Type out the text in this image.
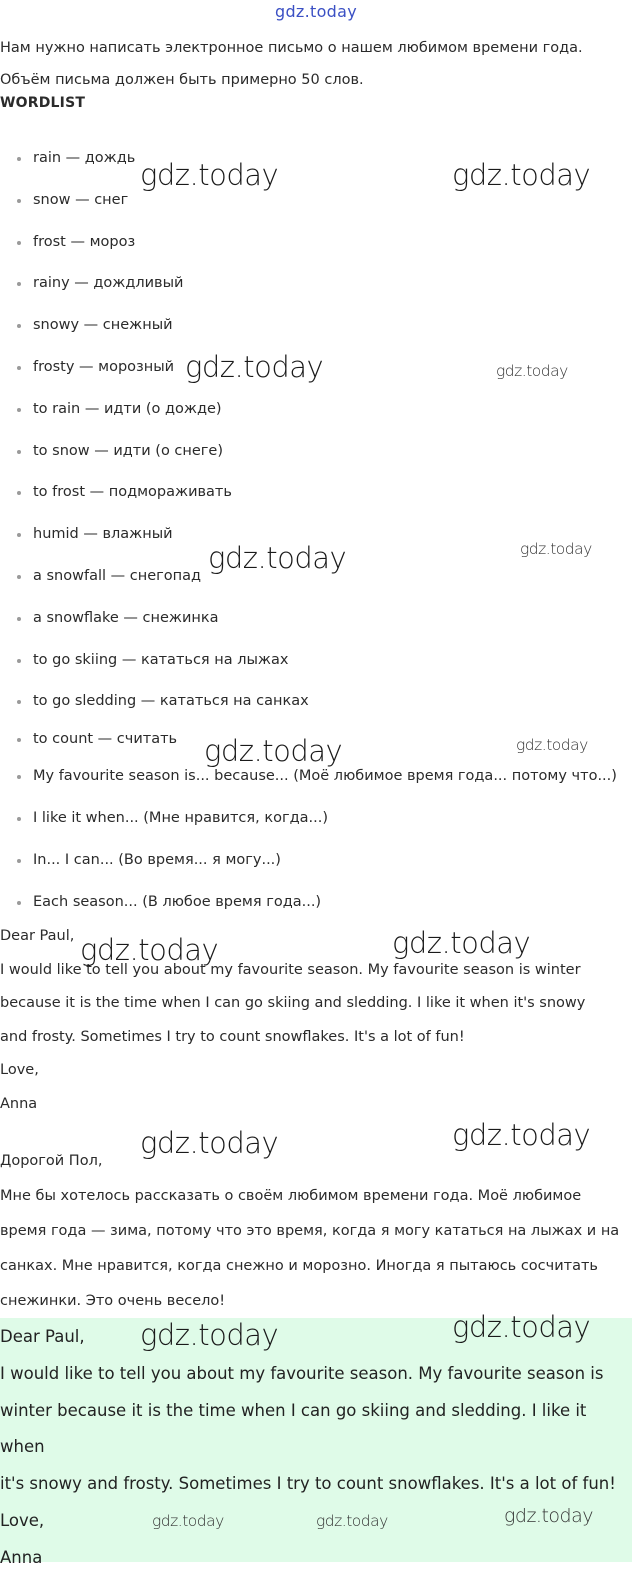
gdz.today

Нам нужно написать электронное письмо о нашем любимом времени года.

Объём письма должен быть примерно 50 слов.

WORDLIST
rain — дождь
snow — снег
frost — мороз
rainy — дождливый
snowy — снежный
frosty — морозный
to rain — идти (о дожде)
to snow — идти (о снеге)
to frost — подмораживать
humid — влажный
a snowfall — снегопад
a snowflake — снежинка
to go skiing — кататься на лыжах
to go sledding — кататься на санках
to count — считать
My favourite season is... because... (Моё любимое время года... потому что...)
I like it when... (Мне нравится, когда...)
In... I can... (Во время... я могу...)
Each season... (В любое время года...)

Dear Paul,

I would like to tell you about my favourite season. My favourite season is winter

because it is the time when I can go skiing and sledding. I like it when it's snowy

and frosty. Sometimes I try to count snowflakes. It's a lot of fun!

Love,

Anna

Дорогой Пол,

Мне бы хотелось рассказать о своём любимом времени года. Моё любимое

время года — зима, потому что это время, когда я могу кататься на лыжах и на

санках. Мне нравится, когда снежно и морозно. Иногда я пытаюсь сосчитать

снежинки. Это очень весело!

Dear Paul,

I would like to tell you about my favourite season. My favourite season is

winter because it is the time when I can go skiing and sledding. I like it when

it's snowy and frosty. Sometimes I try to count snowflakes. It's a lot of fun!

Love,

Anna

gdz.today	gdz.today
gdz.today	gdz.today
gdz.today	gdz.today
gdz.today	gdz.today
gdz.today	gdz.today
gdz.today	gdz.today
gdz.today	gdz.today
gdz.today	gdz.today	gdz.today
